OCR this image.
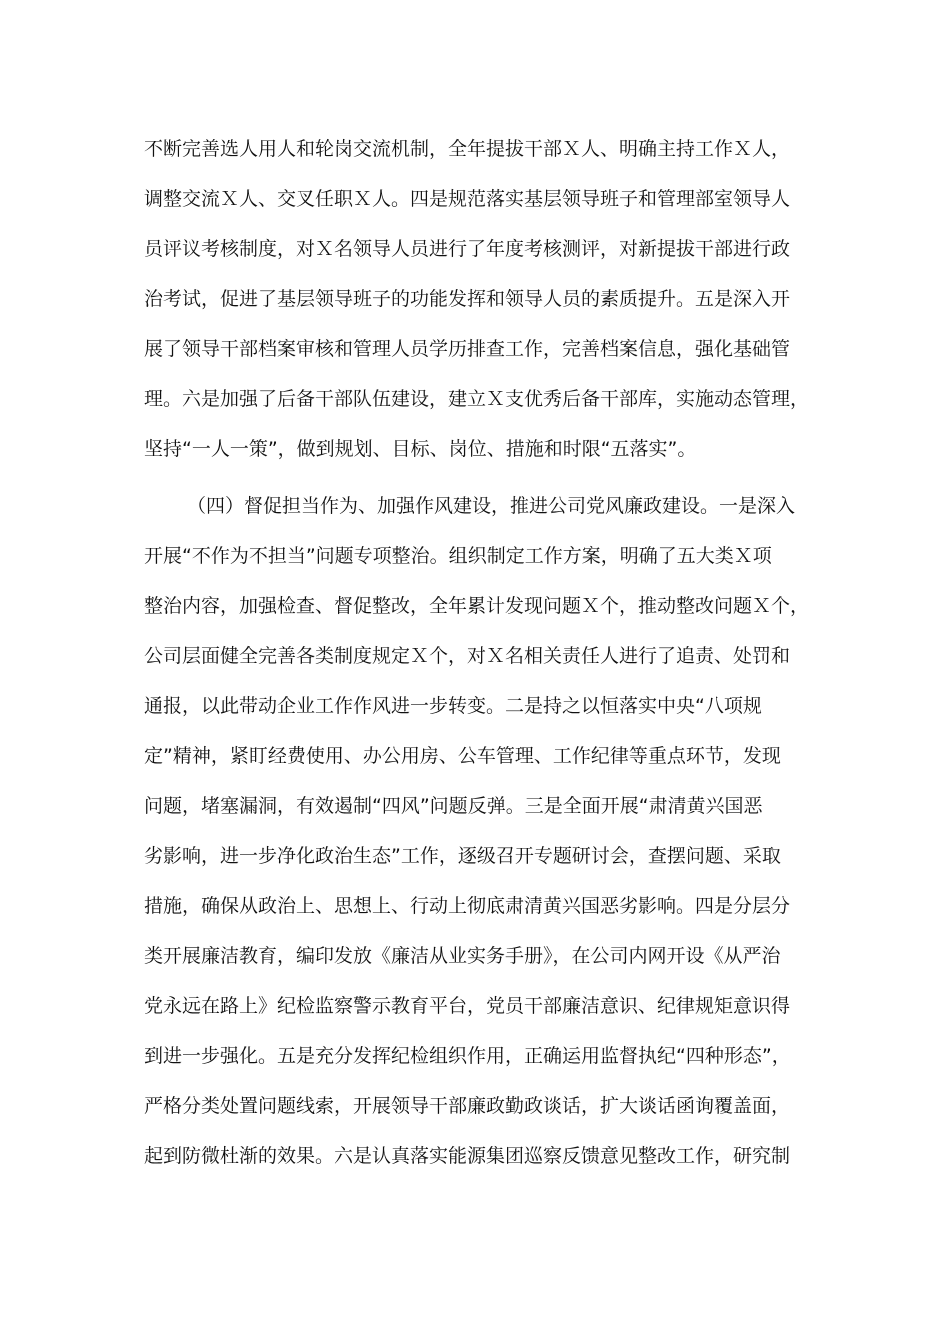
不断完善选人用人和轮岗交流机制，全年提拔干部Ｘ人、明确主持工作Ｘ人，
调整交流Ｘ人、交叉任职Ｘ人。四是规范落实基层领导班子和管理部室领导人
员评议考核制度，对Ｘ名领导人员进行了年度考核测评，对新提拔干部进行政
治考试，促进了基层领导班子的功能发挥和领导人员的素质提升。五是深入开
展了领导干部档案审核和管理人员学历排查工作，完善档案信息，强化基础管
理。六是加强了后备干部队伍建设，建立Ｘ支优秀后备干部库，实施动态管理，
坚持“一人一策”，做到规划、目标、岗位、措施和时限“五落实”。
（四）督促担当作为、加强作风建设，推进公司党风廉政建设。一是深入
开展“不作为不担当”问题专项整治。组织制定工作方案，明确了五大类Ｘ项
整治内容，加强检查、督促整改，全年累计发现问题Ｘ个，推动整改问题Ｘ个，
公司层面健全完善各类制度规定Ｘ个，对Ｘ名相关责任人进行了追责、处罚和
通报，以此带动企业工作作风进一步转变。二是持之以恒落实中央“八项规
定”精神，紧盯经费使用、办公用房、公车管理、工作纪律等重点环节，发现
问题，堵塞漏洞，有效遏制“四风”问题反弹。三是全面开展“肃清黄兴国恶
劣影响，进一步净化政治生态”工作，逐级召开专题研讨会，查摆问题、采取
措施，确保从政治上、思想上、行动上彻底肃清黄兴国恶劣影响。四是分层分
类开展廉洁教育，编印发放《廉洁从业实务手册》，在公司内网开设《从严治
党永远在路上》纪检监察警示教育平台，党员干部廉洁意识、纪律规矩意识得
到进一步强化。五是充分发挥纪检组织作用，正确运用监督执纪“四种形态”，
严格分类处置问题线索，开展领导干部廉政勤政谈话，扩大谈话函询覆盖面，
起到防微杜渐的效果。六是认真落实能源集团巡察反馈意见整改工作，研究制
